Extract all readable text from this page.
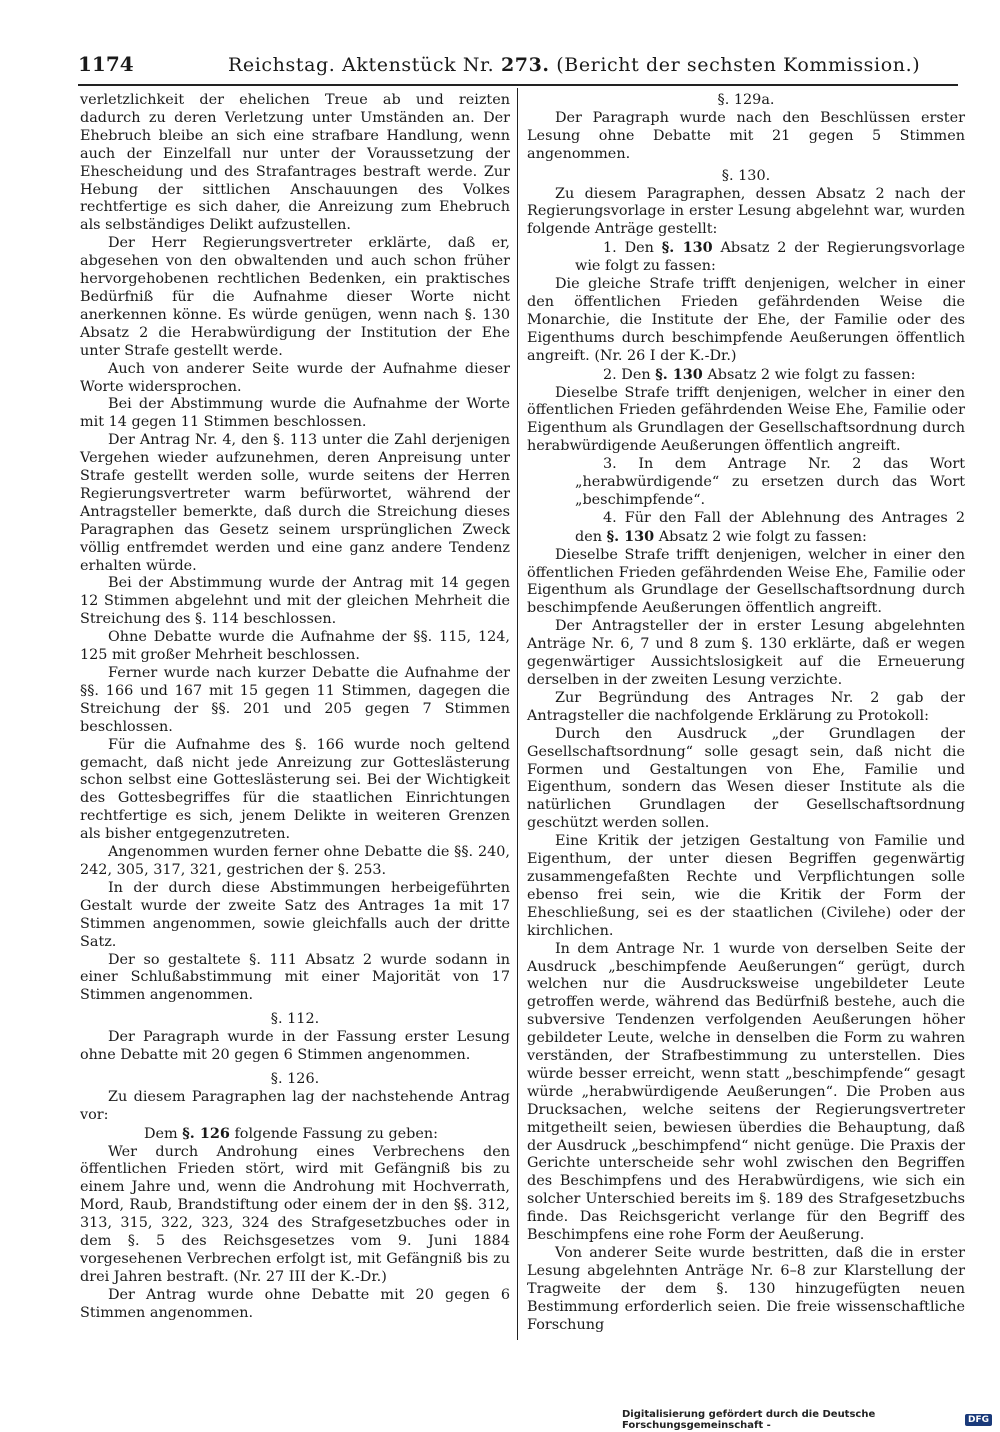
1174	Reichstag. Aktenstück Nr. 273. (Bericht der sechsten Kommission.)

verletzlichkeit der ehelichen Treue ab und reizten dadurch zu deren Verletzung unter Umständen an. Der Ehebruch bleibe an sich eine strafbare Handlung, wenn auch der Einzelfall nur unter der Voraussetzung der Ehescheidung und des Strafantrages bestraft werde. Zur Hebung der sittlichen Anschauungen des Volkes rechtfertige es sich daher, die Anreizung zum Ehebruch als selbständiges Delikt aufzustellen.

Der Herr Regierungsvertreter erklärte, daß er, abgesehen von den obwaltenden und auch schon früher hervorgehobenen rechtlichen Bedenken, ein praktisches Bedürfniß für die Aufnahme dieser Worte nicht anerkennen könne. Es würde genügen, wenn nach §. 130 Absatz 2 die Herabwürdigung der Institution der Ehe unter Strafe gestellt werde.

Auch von anderer Seite wurde der Aufnahme dieser Worte widersprochen.

Bei der Abstimmung wurde die Aufnahme der Worte mit 14 gegen 11 Stimmen beschlossen.

Der Antrag Nr. 4, den §. 113 unter die Zahl derjenigen Vergehen wieder aufzunehmen, deren Anpreisung unter Strafe gestellt werden solle, wurde seitens der Herren Regierungsvertreter warm befürwortet, während der Antragsteller bemerkte, daß durch die Streichung dieses Paragraphen das Gesetz seinem ursprünglichen Zweck völlig entfremdet werden und eine ganz andere Tendenz erhalten würde.

Bei der Abstimmung wurde der Antrag mit 14 gegen 12 Stimmen abgelehnt und mit der gleichen Mehrheit die Streichung des §. 114 beschlossen.

Ohne Debatte wurde die Aufnahme der §§. 115, 124, 125 mit großer Mehrheit beschlossen.

Ferner wurde nach kurzer Debatte die Aufnahme der §§. 166 und 167 mit 15 gegen 11 Stimmen, dagegen die Streichung der §§. 201 und 205 gegen 7 Stimmen beschlossen.

Für die Aufnahme des §. 166 wurde noch geltend gemacht, daß nicht jede Anreizung zur Gotteslästerung schon selbst eine Gotteslästerung sei. Bei der Wichtigkeit des Gottesbegriffes für die staatlichen Einrichtungen rechtfertige es sich, jenem Delikte in weiteren Grenzen als bisher entgegenzutreten.

Angenommen wurden ferner ohne Debatte die §§. 240, 242, 305, 317, 321, gestrichen der §. 253.

In der durch diese Abstimmungen herbeigeführten Gestalt wurde der zweite Satz des Antrages 1a mit 17 Stimmen angenommen, sowie gleichfalls auch der dritte Satz.

Der so gestaltete §. 111 Absatz 2 wurde sodann in einer Schlußabstimmung mit einer Majorität von 17 Stimmen angenommen.

§. 112.

Der Paragraph wurde in der Fassung erster Lesung ohne Debatte mit 20 gegen 6 Stimmen angenommen.

§. 126.

Zu diesem Paragraphen lag der nachstehende Antrag vor:

Dem §. 126 folgende Fassung zu geben:

Wer durch Androhung eines Verbrechens den öffentlichen Frieden stört, wird mit Gefängniß bis zu einem Jahre und, wenn die Androhung mit Hochverrath, Mord, Raub, Brandstiftung oder einem der in den §§. 312, 313, 315, 322, 323, 324 des Strafgesetzbuches oder in dem §. 5 des Reichsgesetzes vom 9. Juni 1884 vorgesehenen Verbrechen erfolgt ist, mit Gefängniß bis zu drei Jahren bestraft. (Nr. 27 III der K.-Dr.)

Der Antrag wurde ohne Debatte mit 20 gegen 6 Stimmen angenommen.

§. 129a.

Der Paragraph wurde nach den Beschlüssen erster Lesung ohne Debatte mit 21 gegen 5 Stimmen angenommen.

§. 130.

Zu diesem Paragraphen, dessen Absatz 2 nach der Regierungsvorlage in erster Lesung abgelehnt war, wurden folgende Anträge gestellt:

1. Den §. 130 Absatz 2 der Regierungsvorlage wie folgt zu fassen:

Die gleiche Strafe trifft denjenigen, welcher in einer den öffentlichen Frieden gefährdenden Weise die Monarchie, die Institute der Ehe, der Familie oder des Eigenthums durch beschimpfende Aeußerungen öffentlich angreift. (Nr. 26 I der K.-Dr.)

2. Den §. 130 Absatz 2 wie folgt zu fassen:

Dieselbe Strafe trifft denjenigen, welcher in einer den öffentlichen Frieden gefährdenden Weise Ehe, Familie oder Eigenthum als Grundlagen der Gesellschaftsordnung durch herabwürdigende Aeußerungen öffentlich angreift.

3. In dem Antrage Nr. 2 das Wort „herabwürdigende“ zu ersetzen durch das Wort „beschimpfende“.

4. Für den Fall der Ablehnung des Antrages 2 den §. 130 Absatz 2 wie folgt zu fassen:

Dieselbe Strafe trifft denjenigen, welcher in einer den öffentlichen Frieden gefährdenden Weise Ehe, Familie oder Eigenthum als Grundlage der Gesellschaftsordnung durch beschimpfende Aeußerungen öffentlich angreift.

Der Antragsteller der in erster Lesung abgelehnten Anträge Nr. 6, 7 und 8 zum §. 130 erklärte, daß er wegen gegenwärtiger Aussichtslosigkeit auf die Erneuerung derselben in der zweiten Lesung verzichte.

Zur Begründung des Antrages Nr. 2 gab der Antragsteller die nachfolgende Erklärung zu Protokoll:

Durch den Ausdruck „der Grundlagen der Gesellschaftsordnung“ solle gesagt sein, daß nicht die Formen und Gestaltungen von Ehe, Familie und Eigenthum, sondern das Wesen dieser Institute als die natürlichen Grundlagen der Gesellschaftsordnung geschützt werden sollen.

Eine Kritik der jetzigen Gestaltung von Familie und Eigenthum, der unter diesen Begriffen gegenwärtig zusammengefaßten Rechte und Verpflichtungen solle ebenso frei sein, wie die Kritik der Form der Eheschließung, sei es der staatlichen (Civilehe) oder der kirchlichen.

In dem Antrage Nr. 1 wurde von derselben Seite der Ausdruck „beschimpfende Aeußerungen“ gerügt, durch welchen nur die Ausdrucksweise ungebildeter Leute getroffen werde, während das Bedürfniß bestehe, auch die subversive Tendenzen verfolgenden Aeußerungen höher gebildeter Leute, welche in denselben die Form zu wahren verständen, der Strafbestimmung zu unterstellen. Dies würde besser erreicht, wenn statt „beschimpfende“ gesagt würde „herabwürdigende Aeußerungen“. Die Proben aus Drucksachen, welche seitens der Regierungsvertreter mitgetheilt seien, bewiesen überdies die Behauptung, daß der Ausdruck „beschimpfend“ nicht genüge. Die Praxis der Gerichte unterscheide sehr wohl zwischen den Begriffen des Beschimpfens und des Herabwürdigens, wie sich ein solcher Unterschied bereits im §. 189 des Strafgesetzbuchs finde. Das Reichsgericht verlange für den Begriff des Beschimpfens eine rohe Form der Aeußerung.

Von anderer Seite wurde bestritten, daß die in erster Lesung abgelehnten Anträge Nr. 6–8 zur Klarstellung der Tragweite der dem §. 130 hinzugefügten neuen Bestimmung erforderlich seien. Die freie wissenschaftliche Forschung

Digitalisierung gefördert durch die Deutsche Forschungsgemeinschaft -	DFG
